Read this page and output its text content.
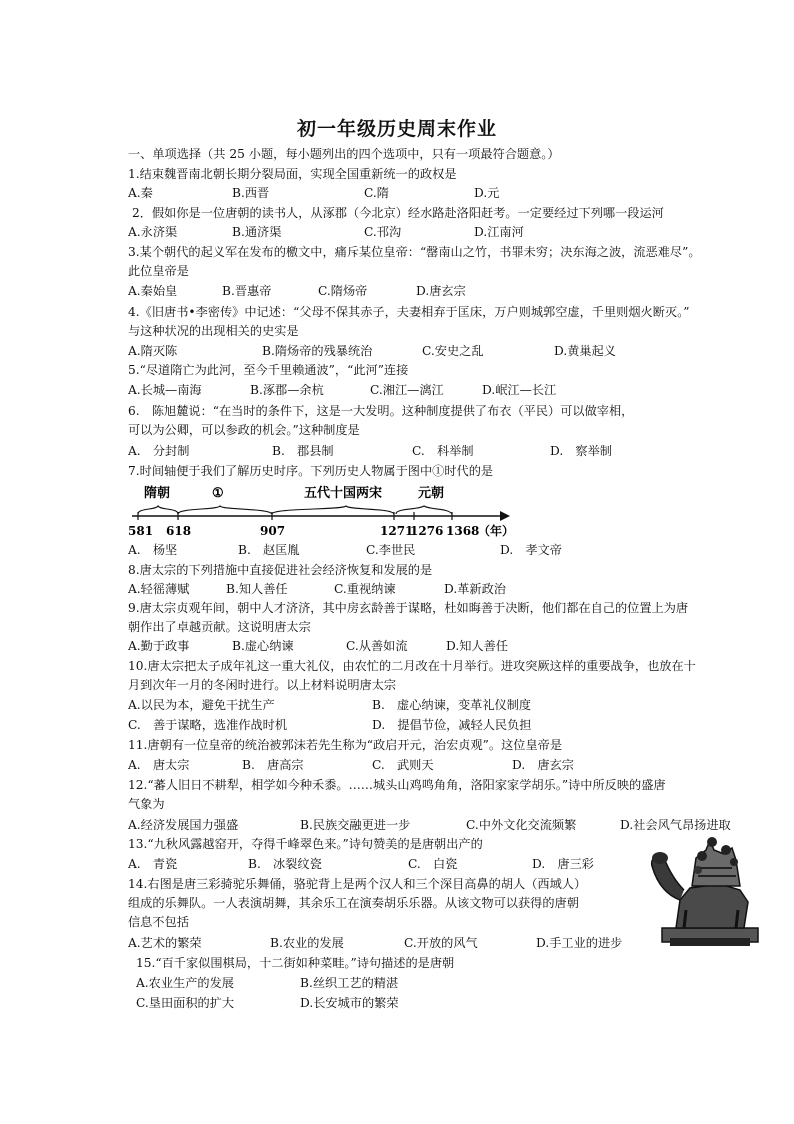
初一年级历史周末作业
一、单项选择（共 25 小题，每小题列出的四个选项中，只有一项最符合题意。）
1.结束魏晋南北朝长期分裂局面，实现全国重新统一的政权是
A.秦	B.西晋	C.隋	D.元
2．假如你是一位唐朝的读书人，从涿郡（今北京）经水路赴洛阳赶考。一定要经过下列哪一段运河
A.永济渠	B.通济渠	C.邗沟	D.江南河
3.某个朝代的起义军在发布的檄文中，痛斥某位皇帝：“罄南山之竹，书罪未穷；决东海之波，流恶难尽”。
此位皇帝是
A.秦始皇	B.晋惠帝	C.隋炀帝	D.唐玄宗
4.《旧唐书•李密传》中记述：“父母不保其赤子，夫妻相弃于匡床，万户则城郭空虚，千里则烟火断灭。”
与这种状况的出现相关的史实是
A.隋灭陈	B.隋炀帝的残暴统治	C.安史之乱	D.黄巢起义
5.“尽道隋亡为此河，至今千里赖通波”，“此河”连接
A.长城—南海	B.涿郡—余杭	C.湘江—漓江	D.岷江—长江
6.　陈旭麓说：“在当时的条件下，这是一大发明。这种制度提供了布衣（平民）可以做宰相，
可以为公卿，可以参政的机会。”这种制度是
A.　分封制	B.　郡县制	C.　科举制	D.　察举制
7.时间轴便于我们了解历史时序。下列历史人物属于图中①时代的是
隋朝	①	五代十国两宋	元朝
581 618	907	1271
1276 1368
（年）
A.　杨坚	B.　赵匡胤	C.李世民	D.　孝文帝
8.唐太宗的下列措施中直接促进社会经济恢复和发展的是
A.轻徭薄赋	B.知人善任	C.重视纳谏	D.革新政治
9.唐太宗贞观年间，朝中人才济济，其中房玄龄善于谋略，杜如晦善于决断，他们都在自己的位置上为唐
朝作出了卓越贡献。这说明唐太宗
A.勤于政事	B.虚心纳谏	C.从善如流	D.知人善任
10.唐太宗把太子成年礼这一重大礼仪，由农忙的二月改在十月举行。进攻突厥这样的重要战争，也放在十
月到次年一月的冬闲时进行。以上材料说明唐太宗
A.以民为本，避免干扰生产	B.　虚心纳谏，变革礼仪制度
C.　善于谋略，选准作战时机	D.　提倡节俭，减轻人民负担
11.唐朝有一位皇帝的统治被郭沫若先生称为“政启开元，治宏贞观”。这位皇帝是
A.　唐太宗	B.　唐高宗	C.　武则天	D.　唐玄宗
12.“蕃人旧日不耕犁，相学如今种禾黍。……城头山鸡鸣角角，洛阳家家学胡乐。”诗中所反映的盛唐
气象为
A.经济发展国力强盛	B.民族交融更进一步	C.中外文化交流频繁	D.社会风气昂扬进取
13.“九秋风露越窑开，夺得千峰翠色来。”诗句赞美的是唐朝出产的
A.　青瓷	B.　冰裂纹瓷	C.　白瓷	D.　唐三彩
14.右图是唐三彩骑驼乐舞俑，骆驼背上是两个汉人和三个深目高鼻的胡人（西域人）
组成的乐舞队。一人表演胡舞，其余乐工在演奏胡乐乐器。从该文物可以获得的唐朝
信息不包括
A.艺术的繁荣	B.农业的发展	C.开放的风气	D.手工业的进步
15.“百千家似围棋局，十二街如种菜畦。”诗句描述的是唐朝
A.农业生产的发展	B.丝织工艺的精湛
C.垦田面积的扩大	D.长安城市的繁荣
